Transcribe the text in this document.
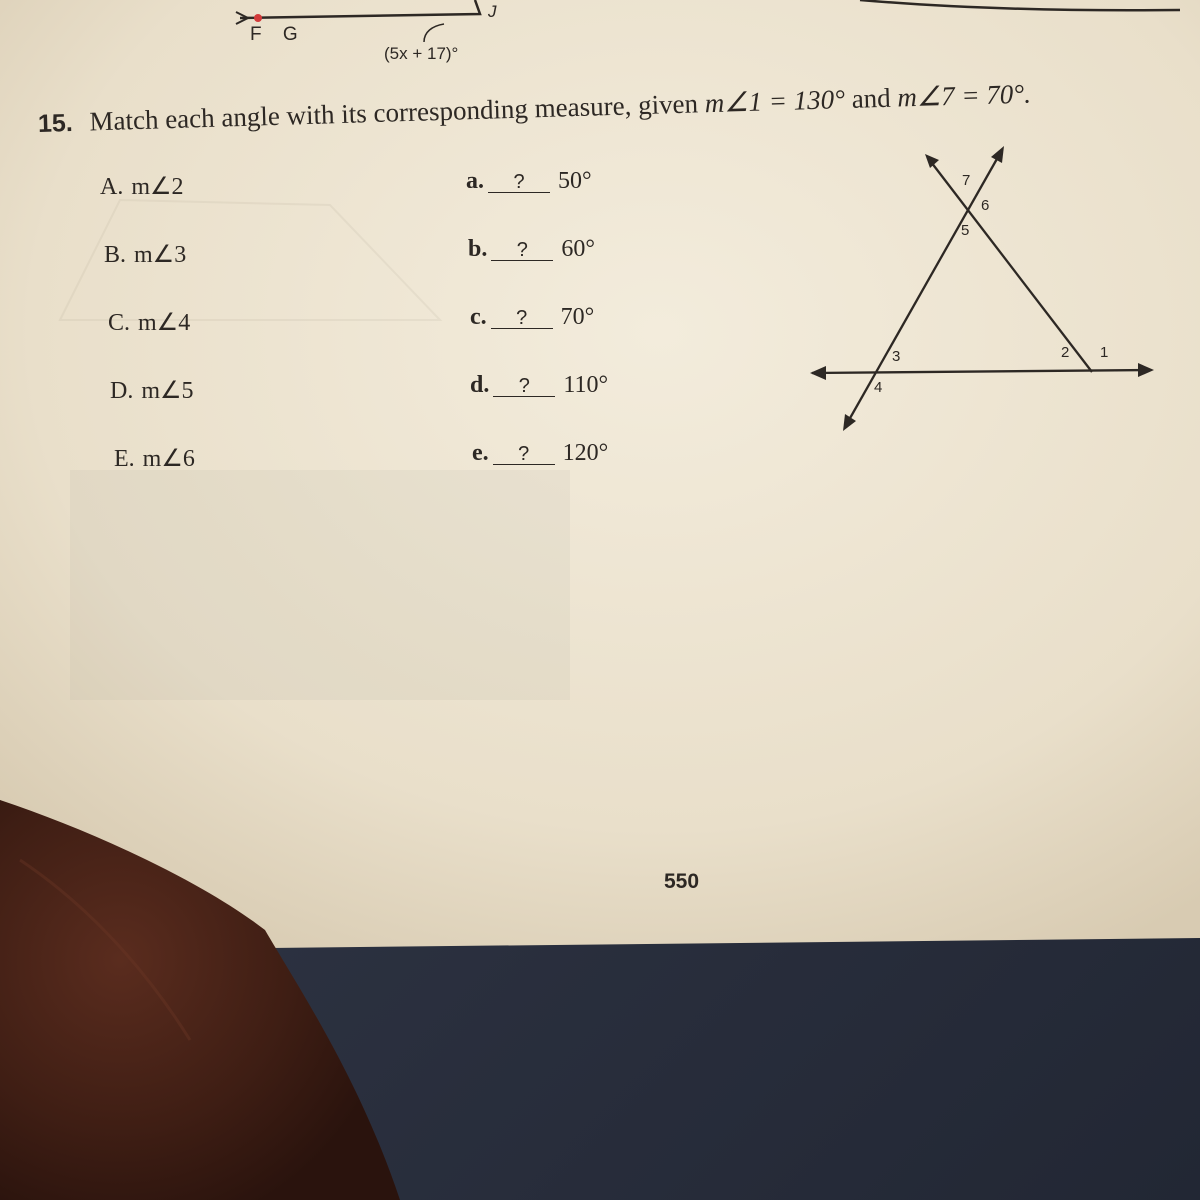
F G
J
(5x + 17)°
15. Match each angle with its corresponding measure, given m∠1 = 130° and m∠7 = 70°.
A. m∠2
B. m∠3
C. m∠4
D. m∠5
E. m∠6
a. ? 50°
b. ? 60°
c. ? 70°
d. ? 110°
e. ? 120°
1
2
3
4
5
6
7
550
